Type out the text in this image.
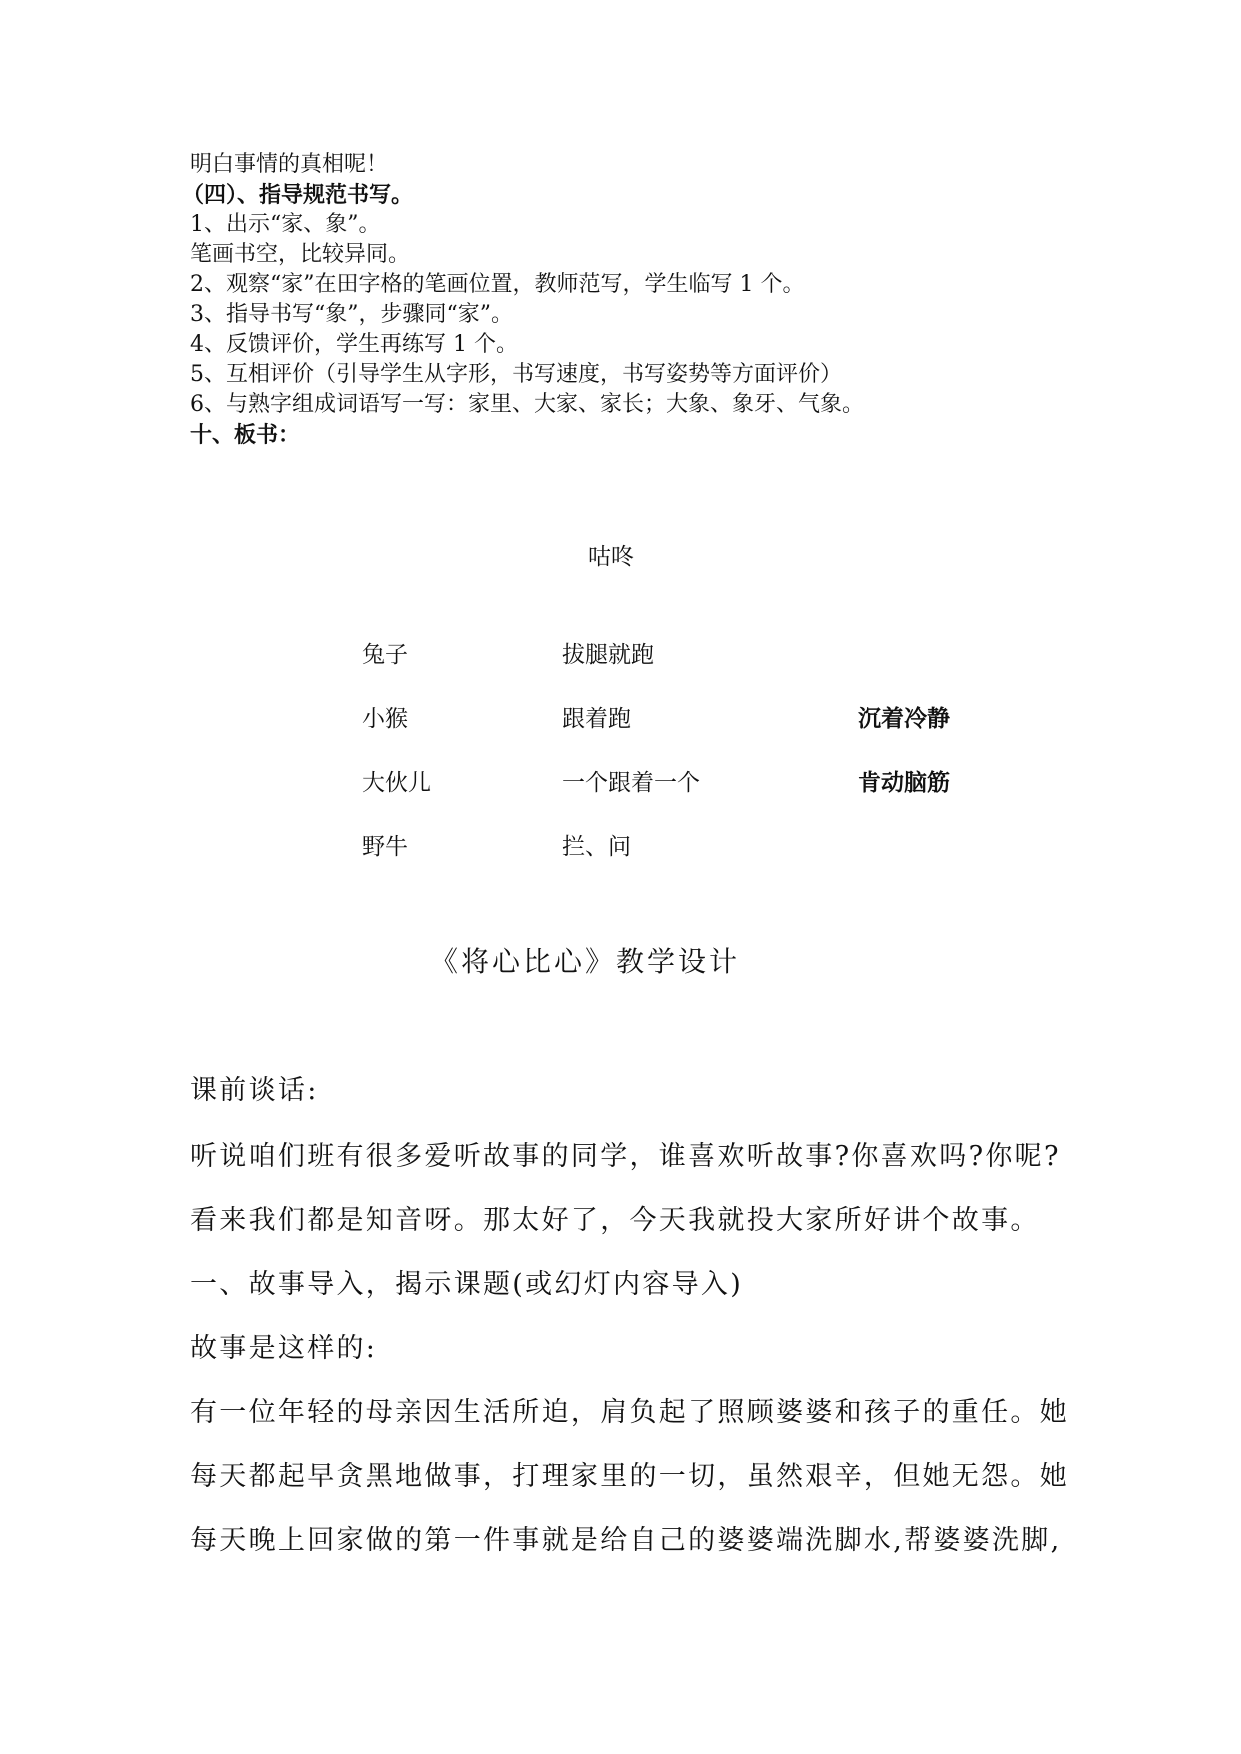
明白事情的真相呢！
（四）、指导规范书写。
1、出示“家、象”。
笔画书空，比较异同。
2、观察“家”在田字格的笔画位置，教师范写，学生临写 1 个。
3、指导书写“象”，步骤同“家”。
4、反馈评价，学生再练写 1 个。
5、互相评价（引导学生从字形，书写速度，书写姿势等方面评价）
6、与熟字组成词语写一写：家里、大家、家长；大象、象牙、气象。
十、板书：
咕咚
兔子	拔腿就跑
小猴	跟着跑	沉着冷静
大伙儿	一个跟着一个	肯动脑筋
野牛	拦、问
《将心比心》教学设计
课前谈话:
听说咱们班有很多爱听故事的同学，谁喜欢听故事?你喜欢吗?你呢?
看来我们都是知音呀。那太好了，今天我就投大家所好讲个故事。
一、故事导入，揭示课题(或幻灯内容导入)
故事是这样的:
有一位年轻的母亲因生活所迫，肩负起了照顾婆婆和孩子的重任。她
每天都起早贪黑地做事，打理家里的一切，虽然艰辛，但她无怨。她
每天晚上回家做的第一件事就是给自己的婆婆端洗脚水,帮婆婆洗脚,
